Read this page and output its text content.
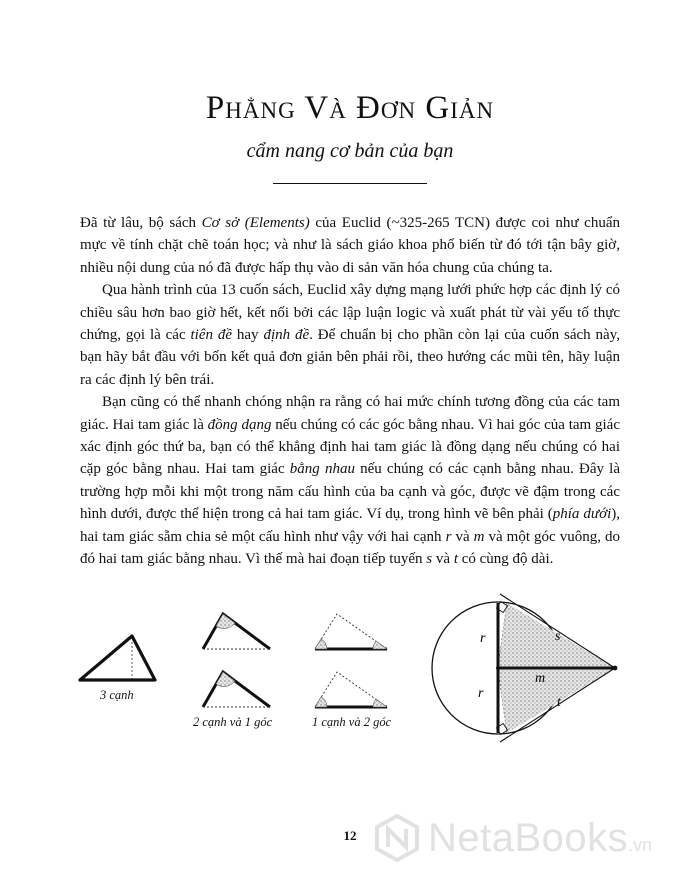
Phẳng Và Đơn Giản
cẩm nang cơ bản của bạn

Đã từ lâu, bộ sách Cơ sở (Elements) của Euclid (~325-265 TCN) được coi như chuẩn mực về tính chặt chẽ toán học; và như là sách giáo khoa phổ biến từ đó tới tận bây giờ, nhiều nội dung của nó đã được hấp thụ vào di sản văn hóa chung của chúng ta.

Qua hành trình của 13 cuốn sách, Euclid xây dựng mạng lưới phức hợp các định lý có chiều sâu hơn bao giờ hết, kết nối bởi các lập luận logic và xuất phát từ vài yếu tố thực chứng, gọi là các tiên đề hay định đề. Để chuẩn bị cho phần còn lại của cuốn sách này, bạn hãy bắt đầu với bốn kết quả đơn giản bên phải rồi, theo hướng các mũi tên, hãy luận ra các định lý bên trái.

Bạn cũng có thể nhanh chóng nhận ra rằng có hai mức chính tương đồng của các tam giác. Hai tam giác là đồng dạng nếu chúng có các góc bằng nhau. Vì hai góc của tam giác xác định góc thứ ba, bạn có thể khẳng định hai tam giác là đồng dạng nếu chúng có hai cặp góc bằng nhau. Hai tam giác bằng nhau nếu chúng có các cạnh bằng nhau. Đây là trường hợp mỗi khi một trong năm cấu hình của ba cạnh và góc, được vẽ đậm trong các hình dưới, được thể hiện trong cả hai tam giác. Ví dụ, trong hình vẽ bên phải (phía dưới), hai tam giác sẵm chia sẻ một cấu hình như vậy với hai cạnh r và m và một góc vuông, do đó hai tam giác bằng nhau. Vì thế mà hai đoạn tiếp tuyến s và t có cùng độ dài.

r
r
m
s
t
3 cạnh
2 cạnh và 1 góc	1 cạnh và 2 góc
12	NetaBooks .vn
